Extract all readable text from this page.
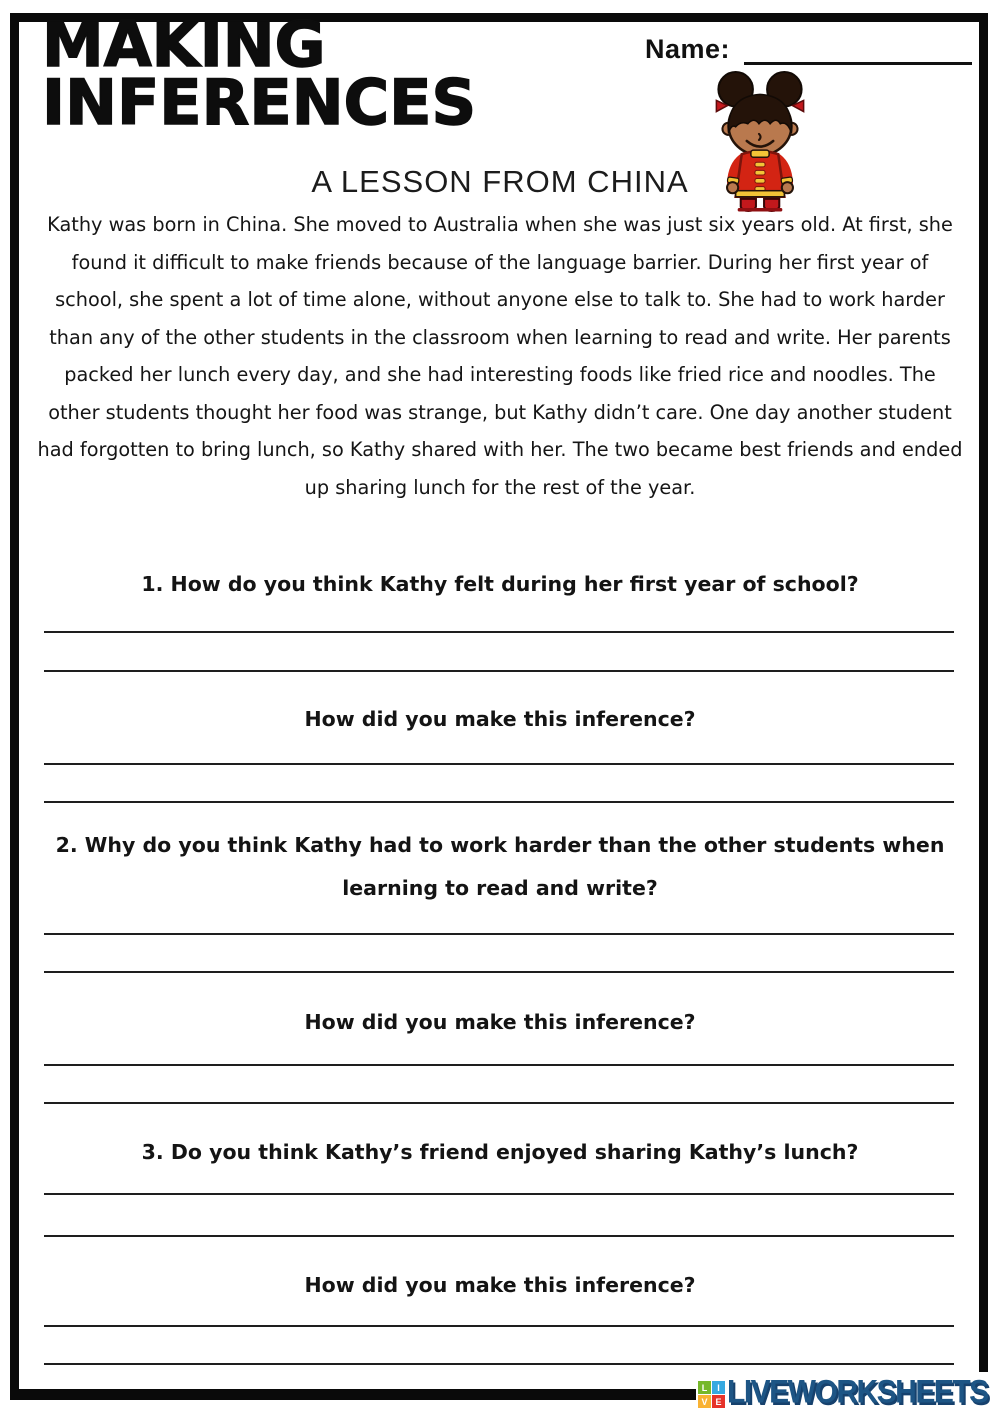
MAKING
INFERENCES
Name:
A LESSON FROM CHINA
Kathy was born in China. She moved to Australia when she was just six years old. At first, she found it difficult to make friends because of the language barrier. During her first year of school, she spent a lot of time alone, without anyone else to talk to. She had to work harder than any of the other students in the classroom when learning to read and write. Her parents packed her lunch every day, and she had interesting foods like fried rice and noodles. The other students thought her food was strange, but Kathy didn’t care. One day another student had forgotten to bring lunch, so Kathy shared with her. The two became best friends and ended up sharing lunch for the rest of the year.
1. How do you think Kathy felt during her first year of school?
How did you make this inference?
2. Why do you think Kathy had to work harder than the other students when learning to read and write?
How did you make this inference?
3. Do you think Kathy’s friend enjoyed sharing Kathy’s lunch?
How did you make this inference?
L	I
V E LIVEWORKSHEETS
